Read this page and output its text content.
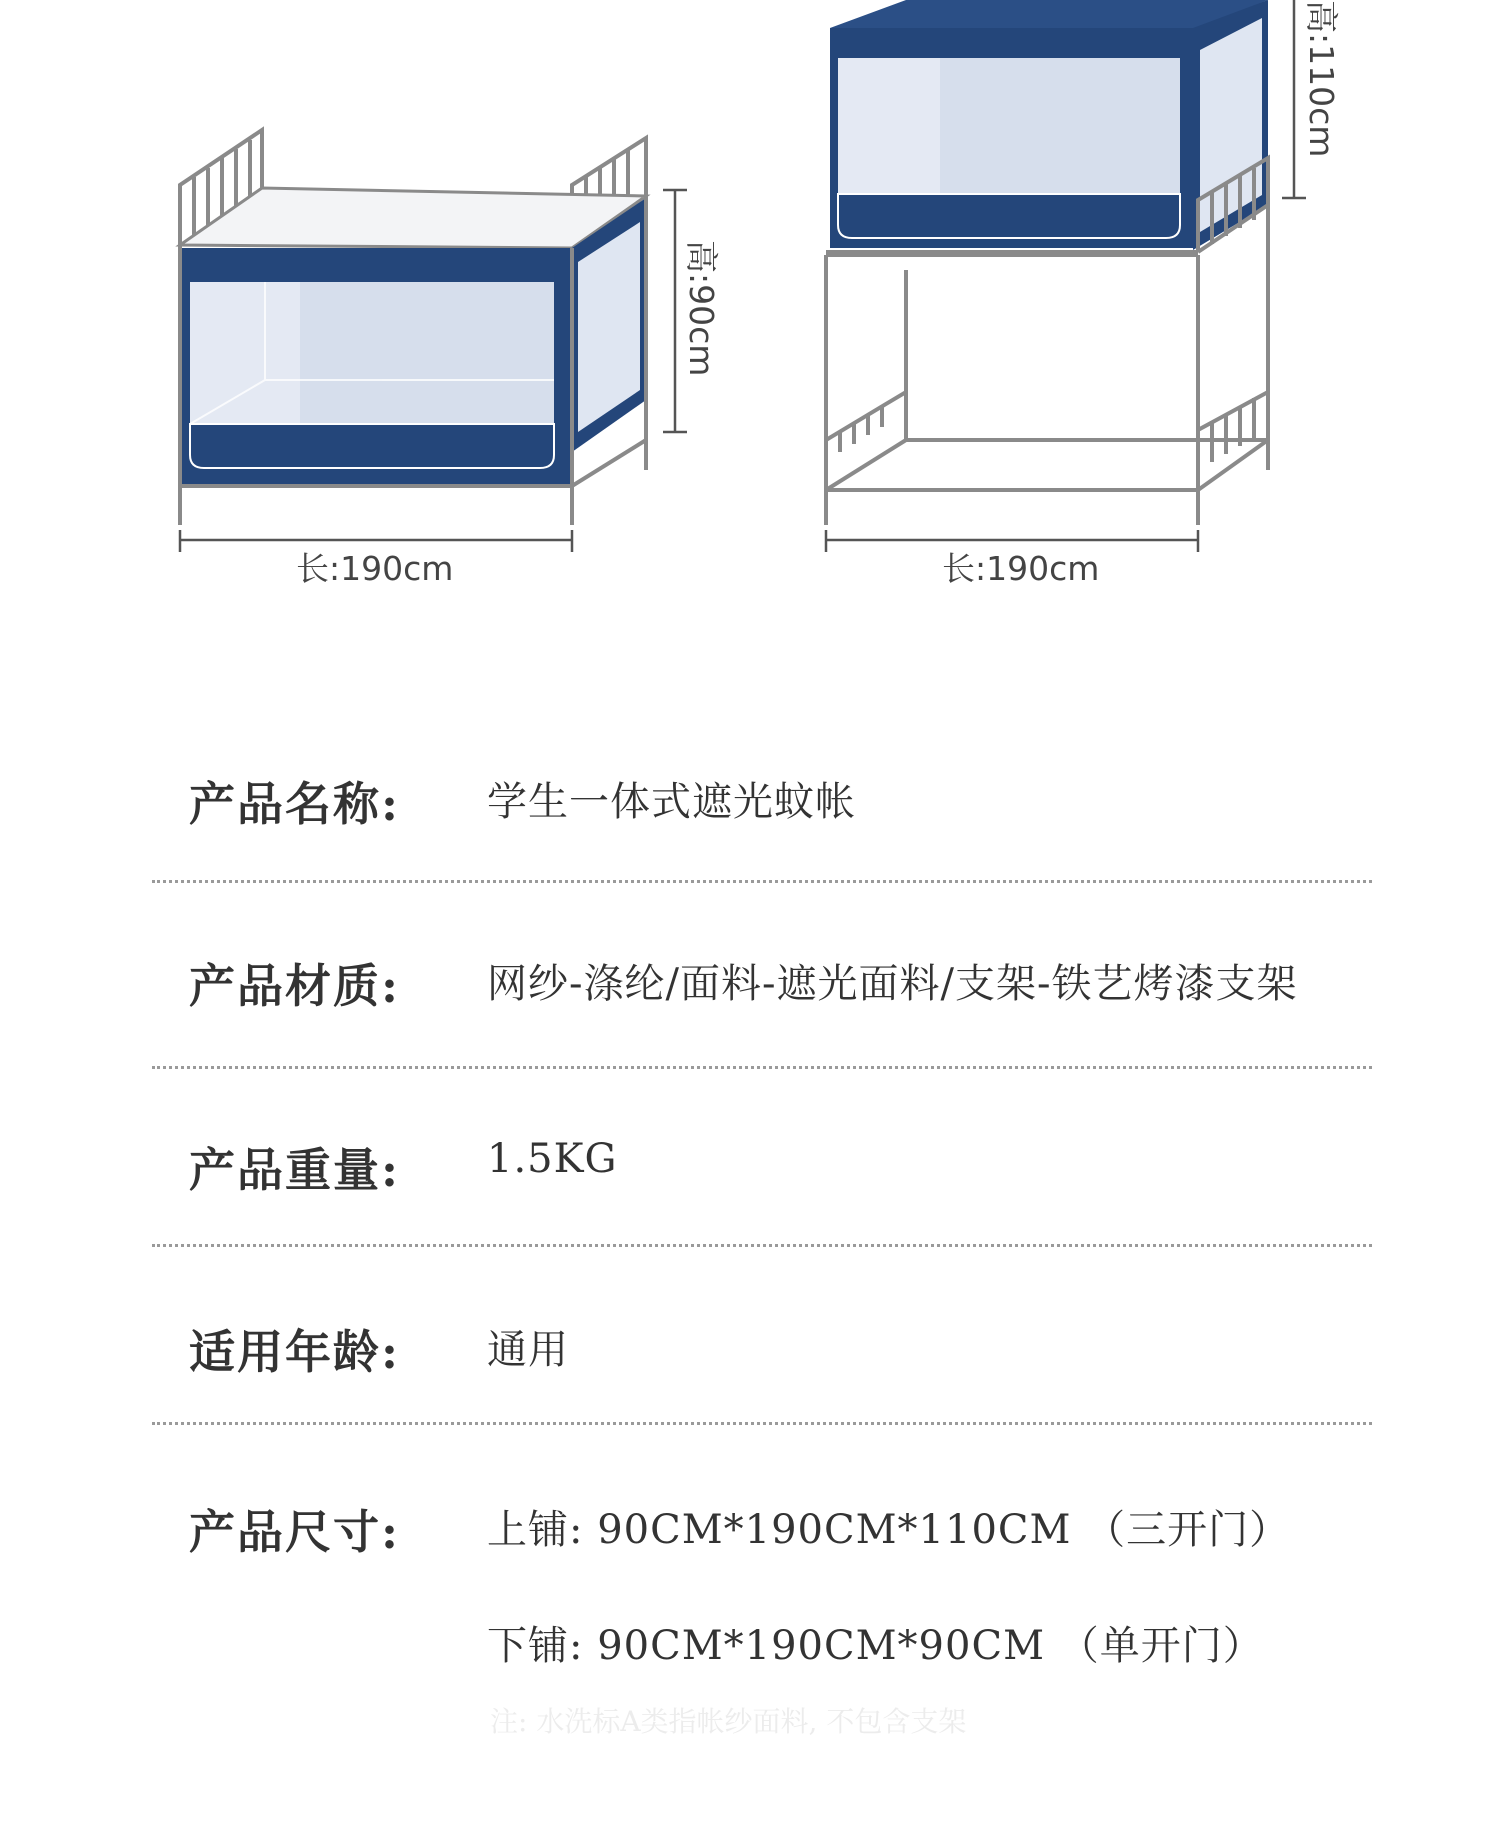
高:90cm
长:190cm
高:110cm
长:190cm
产品名称: 学生一体式遮光蚊帐
产品材质: 网纱-涤纶/面料-遮光面料/支架-铁艺烤漆支架
产品重量: 1.5KG
适用年龄: 通用
产品尺寸: 上铺: 90CM*190CM*110CM （三开门）
下铺: 90CM*190CM*90CM （单开门）
注: 水洗标A类指帐纱面料, 不包含支架
